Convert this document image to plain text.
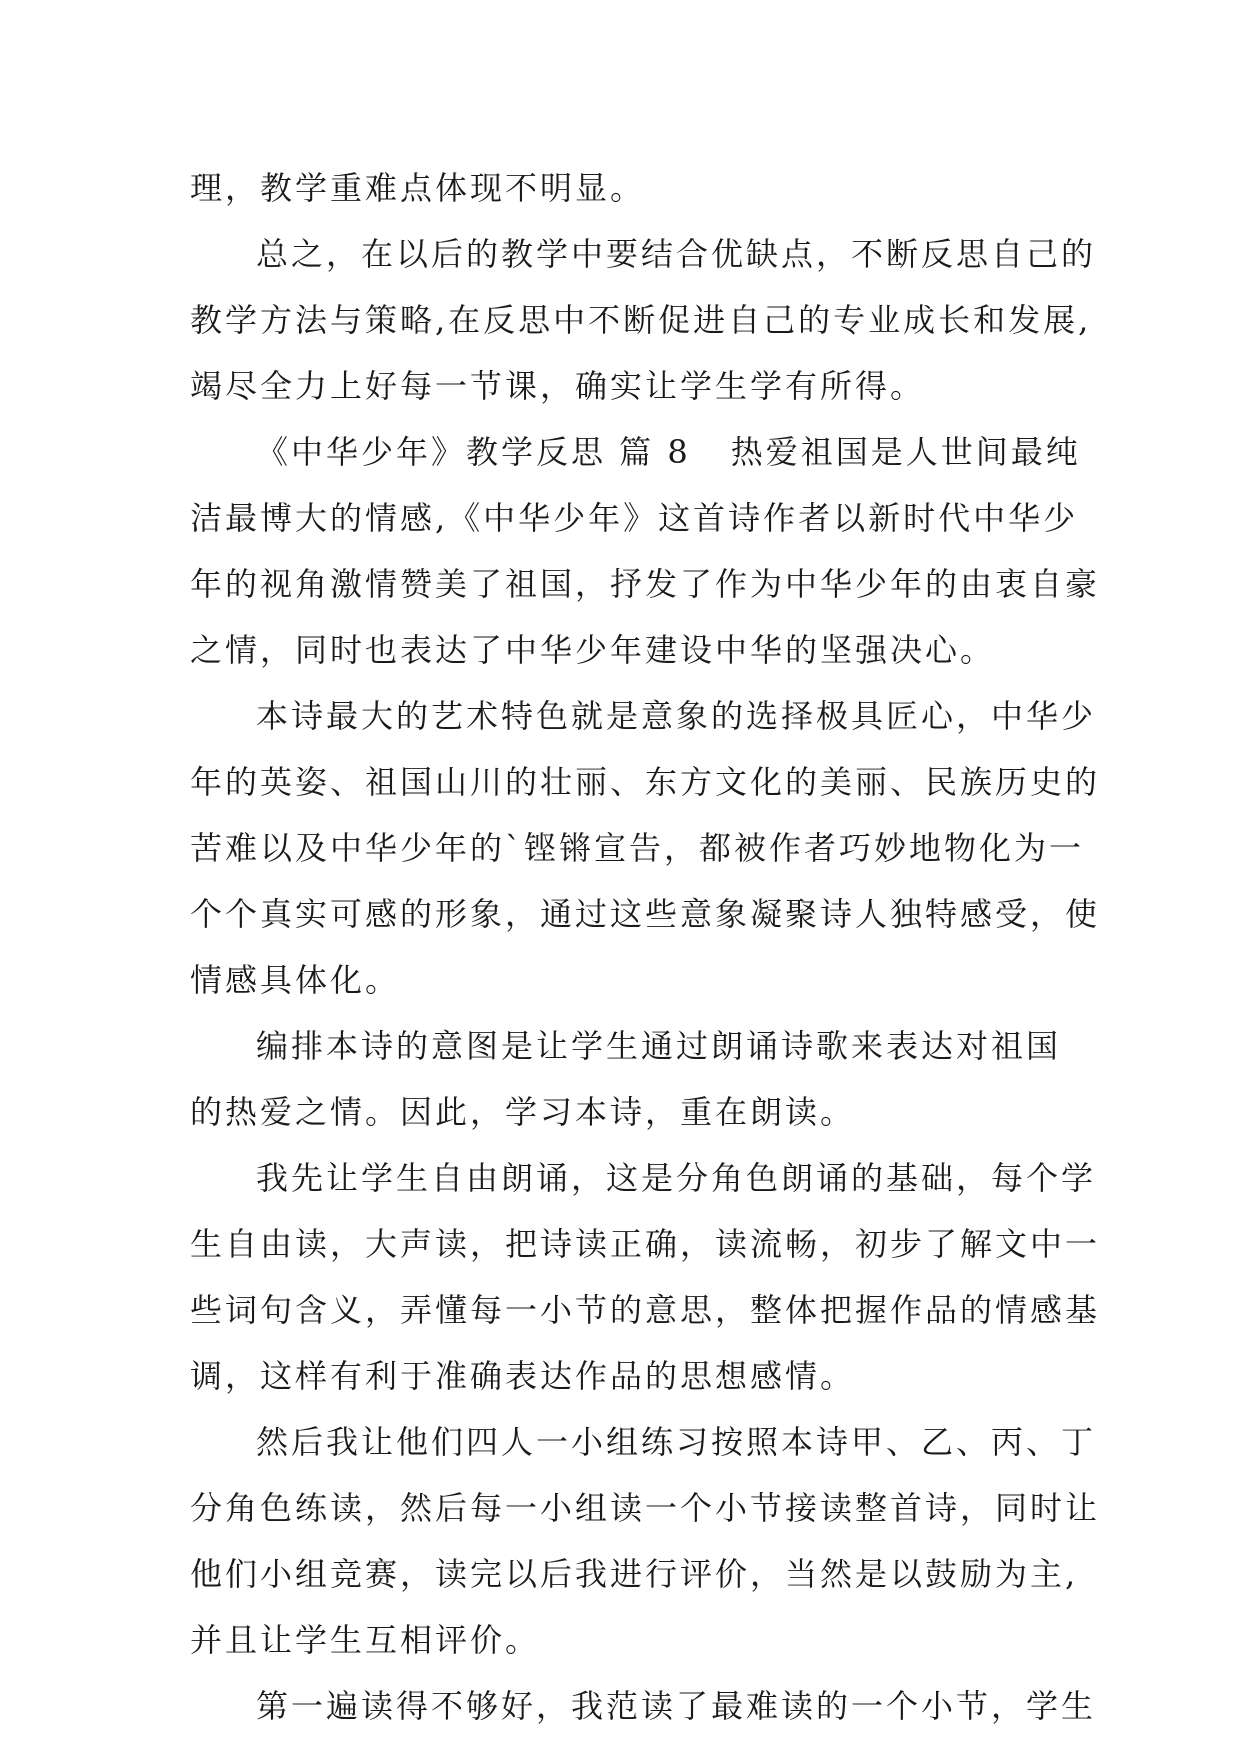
理，教学重难点体现不明显。
总之，在以后的教学中要结合优缺点，不断反思自己的
教学方法与策略,在反思中不断促进自己的专业成长和发展,
竭尽全力上好每一节课，确实让学生学有所得。
《中华少年》教学反思 篇 8 热爱祖国是人世间最纯
洁最博大的情感,《中华少年》这首诗作者以新时代中华少
年的视角激情赞美了祖国，抒发了作为中华少年的由衷自豪
之情，同时也表达了中华少年建设中华的坚强决心。
本诗最大的艺术特色就是意象的选择极具匠心，中华少
年的英姿、祖国山川的壮丽、东方文化的美丽、民族历史的
苦难以及中华少年的`铿锵宣告，都被作者巧妙地物化为一
个个真实可感的形象，通过这些意象凝聚诗人独特感受，使
情感具体化。
编排本诗的意图是让学生通过朗诵诗歌来表达对祖国
的热爱之情。因此，学习本诗，重在朗读。
我先让学生自由朗诵，这是分角色朗诵的基础，每个学
生自由读，大声读，把诗读正确，读流畅，初步了解文中一
些词句含义，弄懂每一小节的意思，整体把握作品的情感基
调，这样有利于准确表达作品的思想感情。
然后我让他们四人一小组练习按照本诗甲、乙、丙、丁
分角色练读，然后每一小组读一个小节接读整首诗，同时让
他们小组竞赛，读完以后我进行评价，当然是以鼓励为主,
并且让学生互相评价。
第一遍读得不够好，我范读了最难读的一个小节，学生
